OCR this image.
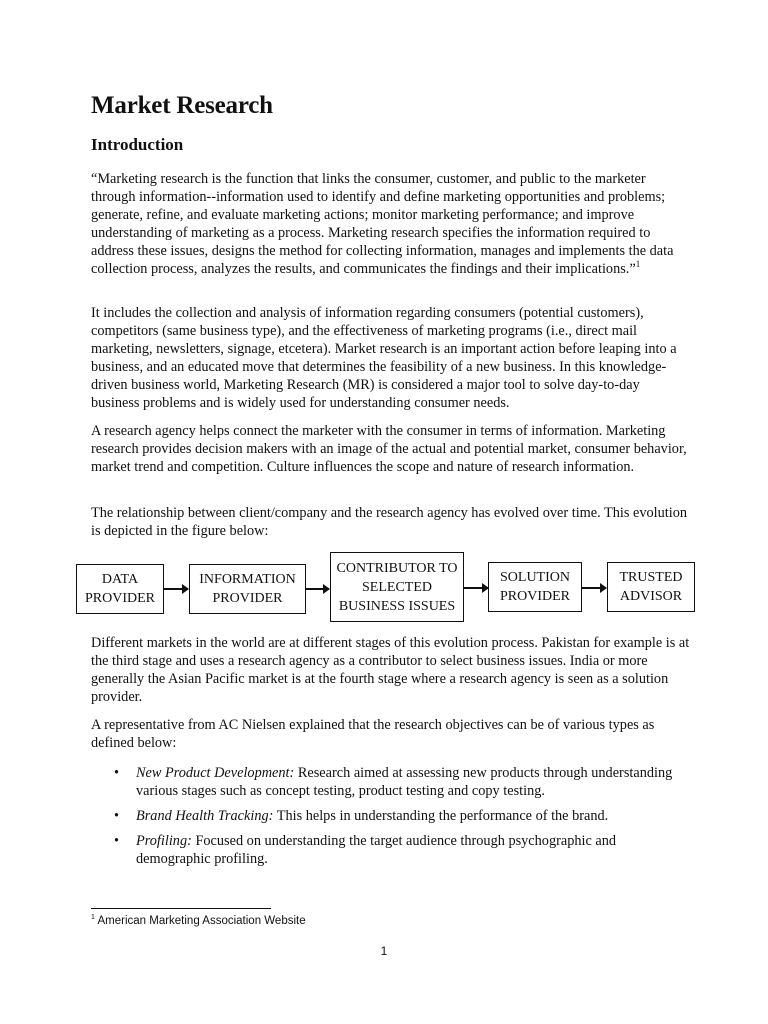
Market Research
Introduction

“Marketing research is the function that links the consumer, customer, and public to the marketer through information--information used to identify and define marketing opportunities and problems; generate, refine, and evaluate marketing actions; monitor marketing performance; and improve understanding of marketing as a process. Marketing research specifies the information required to address these issues, designs the method for collecting information, manages and implements the data collection process, analyzes the results, and communicates the findings and their implications.”$^1$

It includes the collection and analysis of information regarding consumers (potential customers), competitors (same business type), and the effectiveness of marketing programs (i.e., direct mail marketing, newsletters, signage, etcetera). Market research is an important action before leaping into a business, and an educated move that determines the feasibility of a new business. In this knowledge-driven business world, Marketing Research (MR) is considered a major tool to solve day-to-day business problems and is widely used for understanding consumer needs.

A research agency helps connect the marketer with the consumer in terms of information. Marketing research provides decision makers with an image of the actual and potential market, consumer behavior, market trend and competition. Culture influences the scope and nature of research information.

The relationship between client/company and the research agency has evolved over time. This evolution is depicted in the figure below:

DATA PROVIDER
INFORMATION PROVIDER
CONTRIBUTOR TO SELECTED BUSINESS ISSUES
SOLUTION PROVIDER
TRUSTED ADVISOR

Different markets in the world are at different stages of this evolution process. Pakistan for example is at the third stage and uses a research agency as a contributor to select business issues. India or more generally the Asian Pacific market is at the fourth stage where a research agency is seen as a solution provider.

A representative from AC Nielsen explained that the research objectives can be of various types as defined below:

• New Product Development: Research aimed at assessing new products through understanding various stages such as concept testing, product testing and copy testing.
• Brand Health Tracking: This helps in understanding the performance of the brand.
• Profiling: Focused on understanding the target audience through psychographic and demographic profiling.
$^1$ American Marketing Association Website
1
